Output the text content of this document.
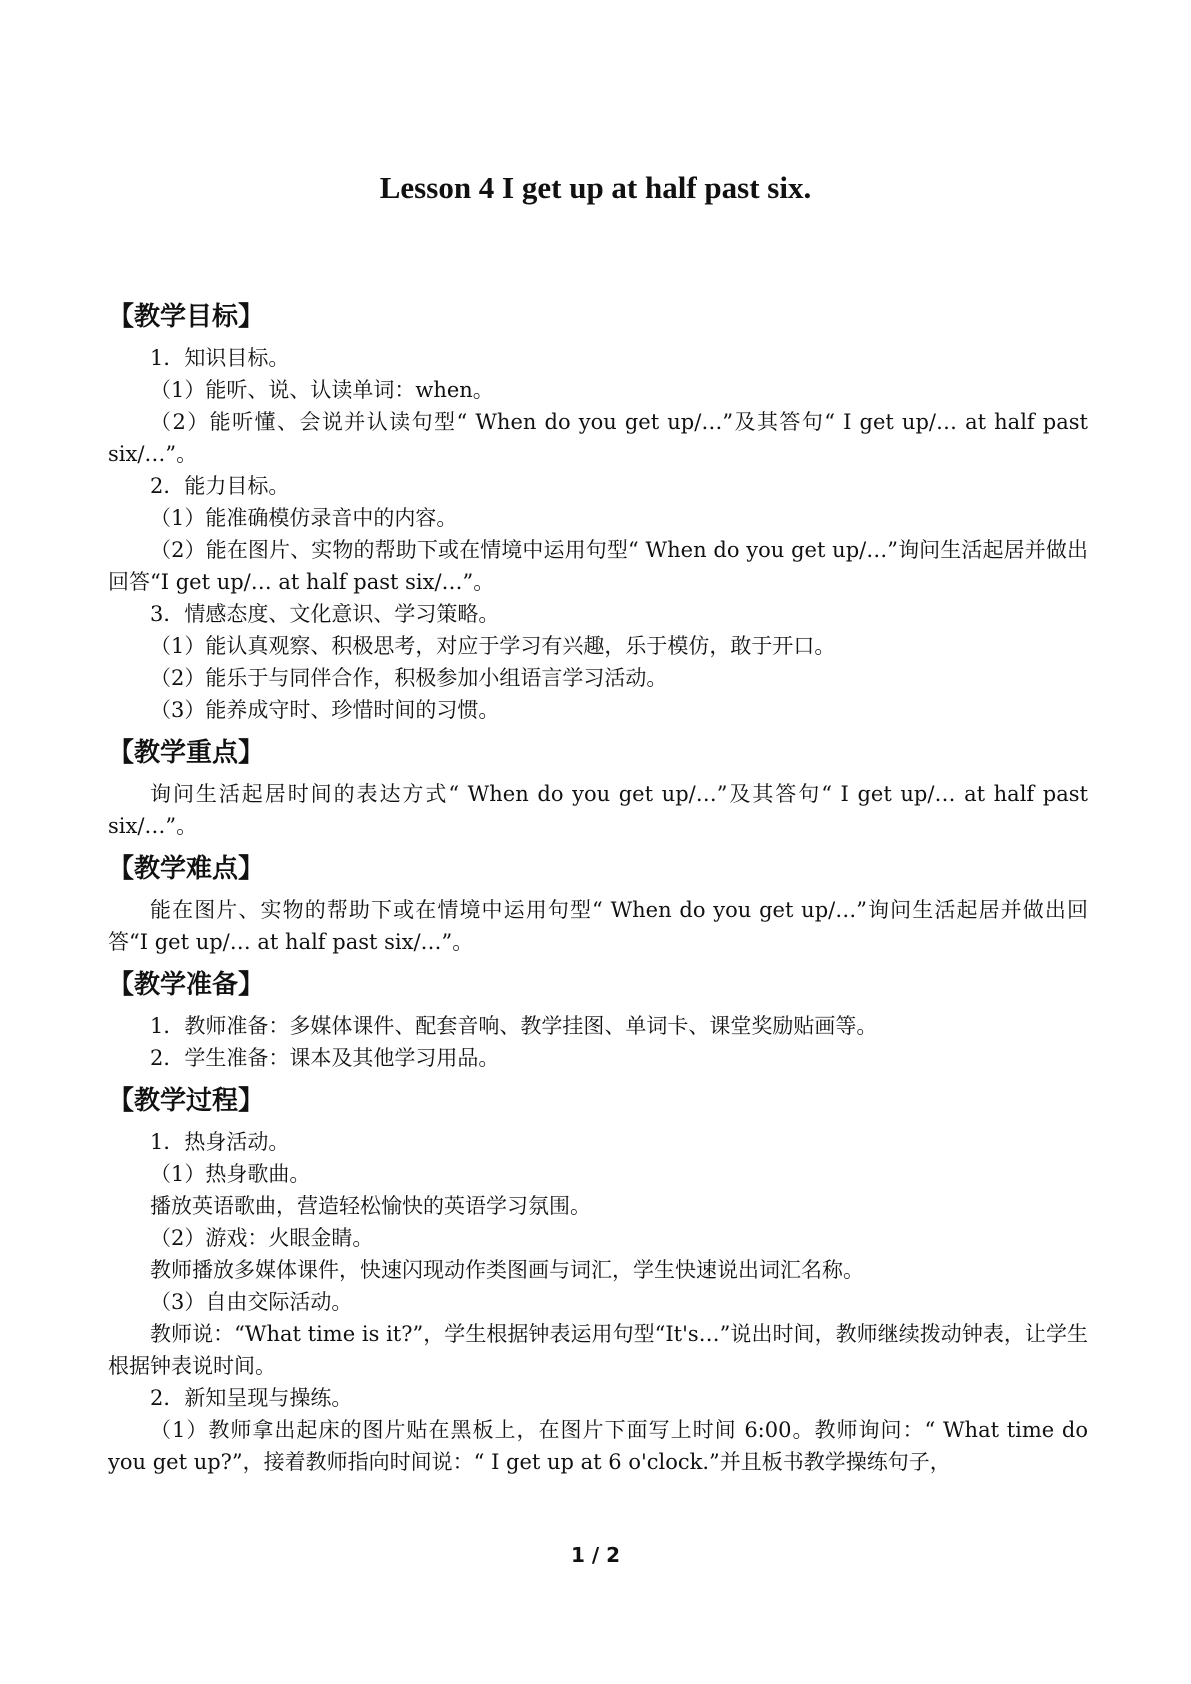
Lesson 4 I get up at half past six.

【教学目标】

1．知识目标。

（1）能听、说、认读单词：when。

（2）能听懂、会说并认读句型“ When do you get up/…”及其答句“ I get up/… at half past six/…”。

2．能力目标。

（1）能准确模仿录音中的内容。

（2）能在图片、实物的帮助下或在情境中运用句型“ When do you get up/…”询问生活起居并做出回答“I get up/… at half past six/…”。

3．情感态度、文化意识、学习策略。

（1）能认真观察、积极思考，对应于学习有兴趣，乐于模仿，敢于开口。

（2）能乐于与同伴合作，积极参加小组语言学习活动。

（3）能养成守时、珍惜时间的习惯。

【教学重点】

询问生活起居时间的表达方式“ When do you get up/…”及其答句“ I get up/… at half past six/…”。

【教学难点】

能在图片、实物的帮助下或在情境中运用句型“ When do you get up/…”询问生活起居并做出回答“I get up/… at half past six/…”。

【教学准备】

1．教师准备：多媒体课件、配套音响、教学挂图、单词卡、课堂奖励贴画等。

2．学生准备：课本及其他学习用品。

【教学过程】

1．热身活动。

（1）热身歌曲。

播放英语歌曲，营造轻松愉快的英语学习氛围。

（2）游戏：火眼金睛。

教师播放多媒体课件，快速闪现动作类图画与词汇，学生快速说出词汇名称。

（3）自由交际活动。

教师说：“What time is it?”，学生根据钟表运用句型“It's…”说出时间，教师继续拨动钟表，让学生根据钟表说时间。

2．新知呈现与操练。

（1）教师拿出起床的图片贴在黑板上，在图片下面写上时间 6:00。教师询问：“ What time do you get up?”，接着教师指向时间说：“ I get up at 6 o'clock.”并且板书教学操练句子，

1 / 2
